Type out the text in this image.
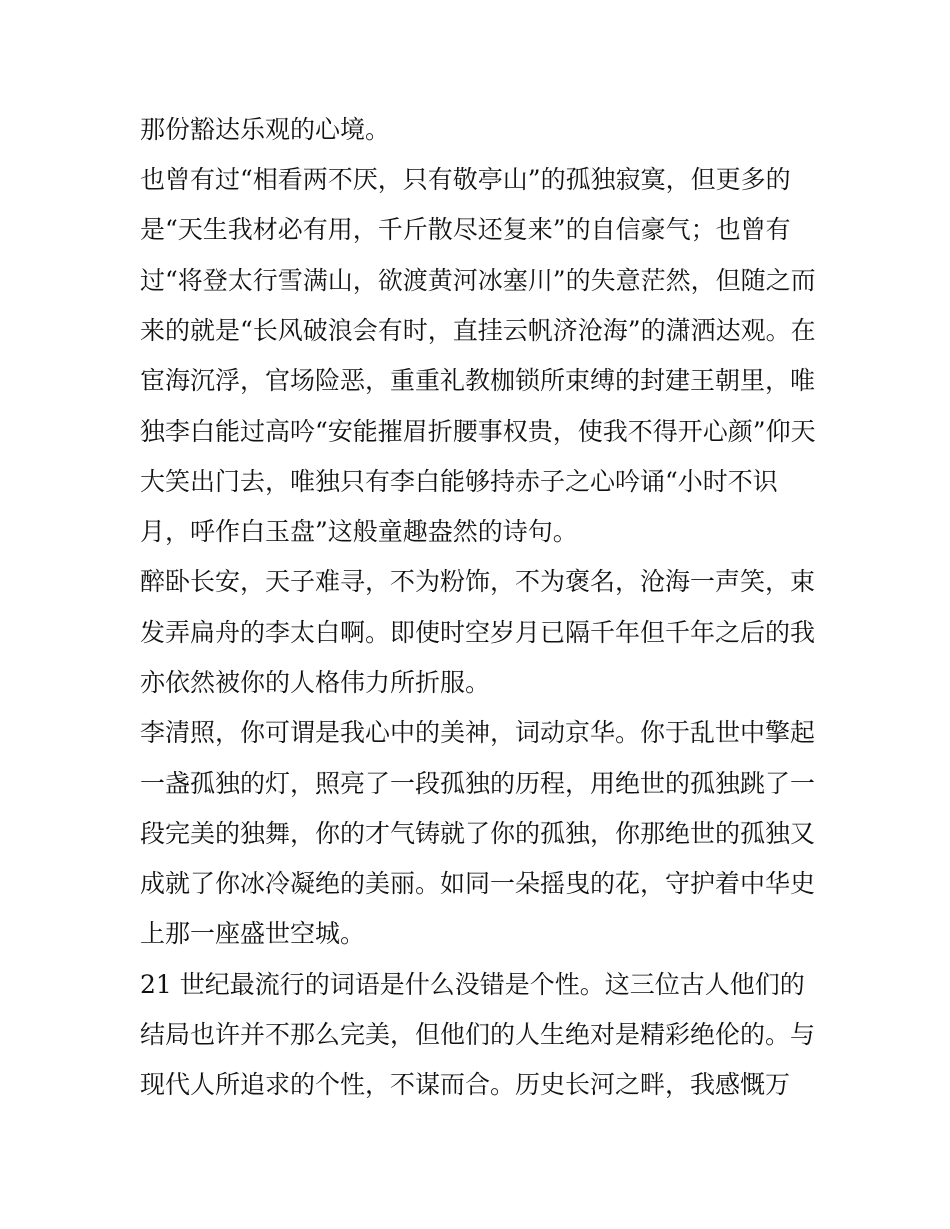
那份豁达乐观的心境。
也曾有过“相看两不厌，只有敬亭山”的孤独寂寞，但更多的
是“天生我材必有用，千斤散尽还复来”的自信豪气；也曾有
过“将登太行雪满山，欲渡黄河冰塞川”的失意茫然，但随之而
来的就是“长风破浪会有时，直挂云帆济沧海”的潇洒达观。在
宦海沉浮，官场险恶，重重礼教枷锁所束缚的封建王朝里，唯
独李白能过高吟“安能摧眉折腰事权贵，使我不得开心颜”仰天
大笑出门去，唯独只有李白能够持赤子之心吟诵“小时不识
月，呼作白玉盘”这般童趣盎然的诗句。
醉卧长安，天子难寻，不为粉饰，不为褒名，沧海一声笑，束
发弄扁舟的李太白啊。即使时空岁月已隔千年但千年之后的我
亦依然被你的人格伟力所折服。
李清照，你可谓是我心中的美神，词动京华。你于乱世中擎起
一盏孤独的灯，照亮了一段孤独的历程，用绝世的孤独跳了一
段完美的独舞，你的才气铸就了你的孤独，你那绝世的孤独又
成就了你冰冷凝绝的美丽。如同一朵摇曳的花，守护着中华史
上那一座盛世空城。
21 世纪最流行的词语是什么没错是个性。这三位古人他们的
结局也许并不那么完美，但他们的人生绝对是精彩绝伦的。与
现代人所追求的个性，不谋而合。历史长河之畔，我感慨万
